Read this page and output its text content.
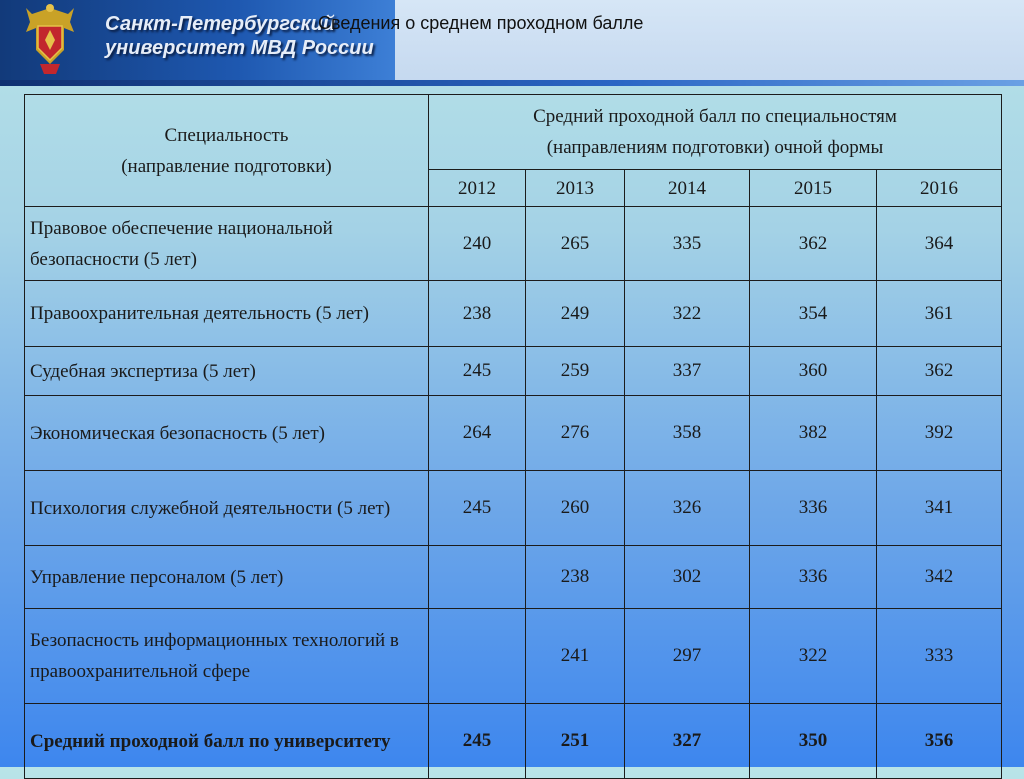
Санкт-Петербургский
университет МВД России
Сведения о среднем проходном балле
Специальность
(направление подготовки)	Средний проходной балл по специальностям
(направлениям подготовки) очной формы				
	2012	2013	2014	2015	2016
Правовое обеспечение национальной безопасности (5 лет)	240	265	335	362	364
Правоохранительная деятельность (5 лет)	238	249	322	354	361
Судебная экспертиза (5 лет)	245	259	337	360	362
Экономическая безопасность (5 лет)	264	276	358	382	392
Психология служебной деятельности (5 лет)	245	260	326	336	341
Управление персоналом (5 лет)		238	302	336	342
Безопасность информационных технологий в правоохранительной сфере		241	297	322	333
Средний проходной балл по университету	245	251	327	350	356
